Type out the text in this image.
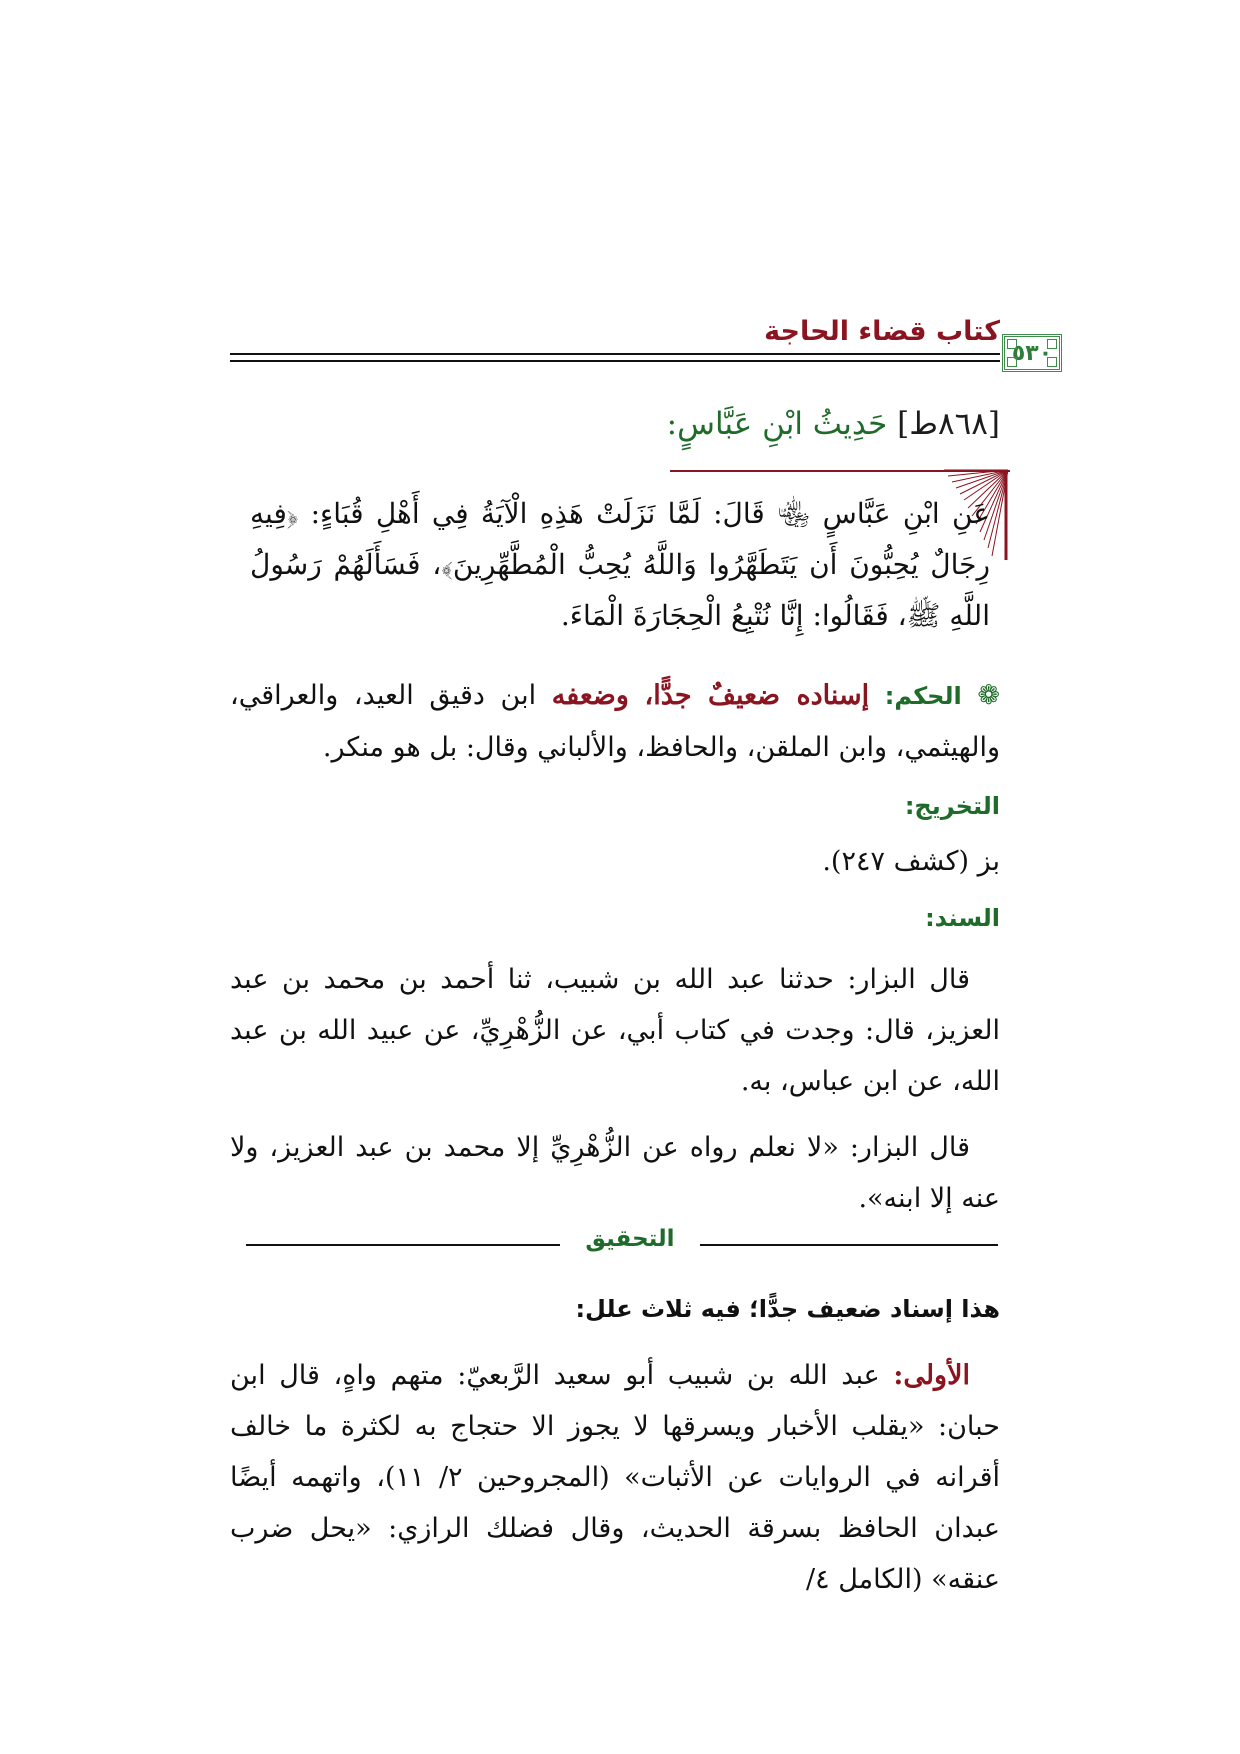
كتاب قضاء الحاجة
٥٣٠
[٨٦٨ط] حَدِيثُ ابْنِ عَبَّاسٍ:
عَنِ ابْنِ عَبَّاسٍ ﵄ قَالَ: لَمَّا نَزَلَتْ هَذِهِ الْآيَةُ فِي أَهْلِ قُبَاءٍ: ﴿فِيهِ رِجَالٌ يُحِبُّونَ أَن يَتَطَهَّرُوا وَاللَّهُ يُحِبُّ الْمُطَّهِّرِينَ﴾، فَسَأَلَهُمْ رَسُولُ اللَّهِ ﷺ، فَقَالُوا: إِنَّا نُتْبِعُ الْحِجَارَةَ الْمَاءَ.
❁ الحكم: إسناده ضعيفٌ جدًّا، وضعفه ابن دقيق العيد، والعراقي، والهيثمي، وابن الملقن، والحافظ، والألباني وقال: بل هو منكر.
التخريج:
بز (كشف ٢٤٧).
السند:
قال البزار: حدثنا عبد الله بن شبيب، ثنا أحمد بن محمد بن عبد العزيز، قال: وجدت في كتاب أبي، عن الزُّهْرِيِّ، عن عبيد الله بن عبد الله، عن ابن عباس، به.
قال البزار: «لا نعلم رواه عن الزُّهْرِيِّ إلا محمد بن عبد العزيز، ولا عنه إلا ابنه».
التحقيق
هذا إسناد ضعيف جدًّا؛ فيه ثلاث علل:
الأولى: عبد الله بن شبيب أبو سعيد الرَّبعيّ: متهم واهٍ، قال ابن حبان: «يقلب الأخبار ويسرقها لا يجوز الا حتجاج به لكثرة ما خالف أقرانه في الروايات عن الأثبات» (المجروحين ٢/ ١١)، واتهمه أيضًا عبدان الحافظ بسرقة الحديث، وقال فضلك الرازي: «يحل ضرب عنقه» (الكامل ٤/
